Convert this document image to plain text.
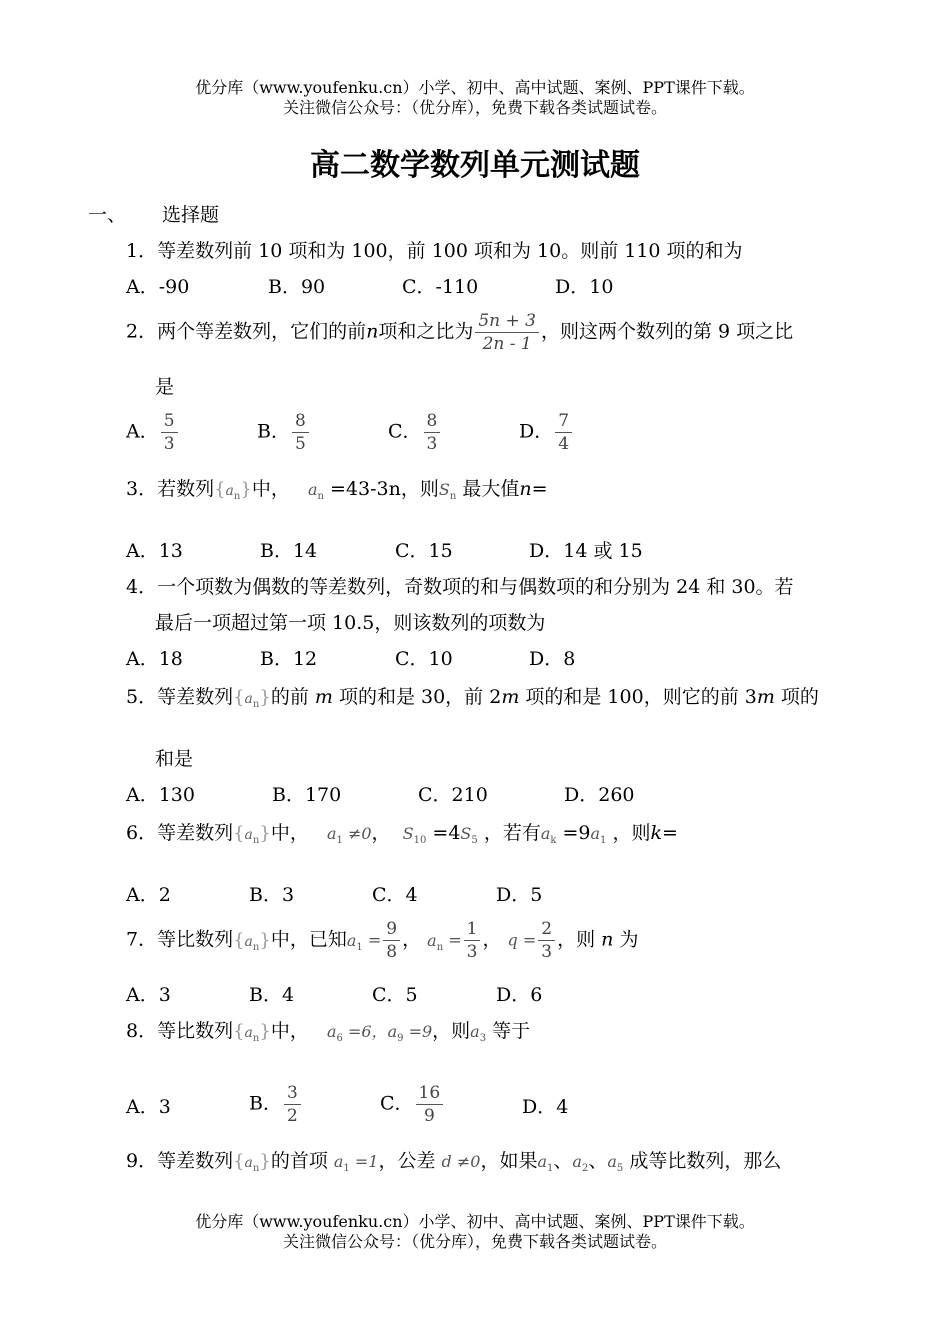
优分库（www.youfenku.cn）小学、初中、高中试题、案例、PPT课件下载。
关注微信公众号：（优分库），免费下载各类试题试卷。
高二数学数列单元测试题
一、 选择题
1．等差数列前 10 项和为 100，前 100 项和为 10。则前 110 项的和为
A．-90	B．90	C．-110	D．10
2．两个等差数列，它们的前n项和之比为 $\frac{5n + 3}{2n - 1}$ ，则这两个数列的第 9 项之比
是
A． $\frac{5}{3}$	B． $\frac{8}{5}$	C． $\frac{8}{3}$	D． $\frac{7}{4}$
3．若数列 { $a_n$ } 中， $a_n =43-3n$，则$S_n$ 最大值n=
A．13	B．14	C．15	D．14 或 15
4．一个项数为偶数的等差数列，奇数项的和与偶数项的和分别为 24 和 30。若
最后一项超过第一项 10.5，则该数列的项数为
A．18	B．12	C．10	D．8
5．等差数列 { $a_n$ } 的前 m 项的和是 30，前 2m 项的和是 100，则它的前 3m 项的
和是
A．130	B．170	C．210	D．260
6．等差数列 { $a_n$ } 中， $a_1 \ne 0$， $S_{10} =4S_5$ ，若有$a_k =9a_1$ ，则k=
A．2	B．3	C．4	D．5
7．等比数列 { $a_n$ } 中，已知$a_1 = \frac{9}{8}$ ， $a_n = \frac{1}{3}$ ， $q = \frac{2}{3}$ ，则 n 为
A．3	B．4	C．5	D．6
8．等比数列 { $a_n$ } 中， $a_6 =6$，$a_9 =9$，则$a_3$ 等于
A．3	B． $\frac{3}{2}$	C． $\frac{16}{9}$	D．4
9．等差数列 { $a_n$ } 的首项 $a_1 =1$，公差 d ≠0，如果$a_1$、$a_2$、$a_5$ 成等比数列，那么
优分库（www.youfenku.cn）小学、初中、高中试题、案例、PPT课件下载。
关注微信公众号：（优分库），免费下载各类试题试卷。
